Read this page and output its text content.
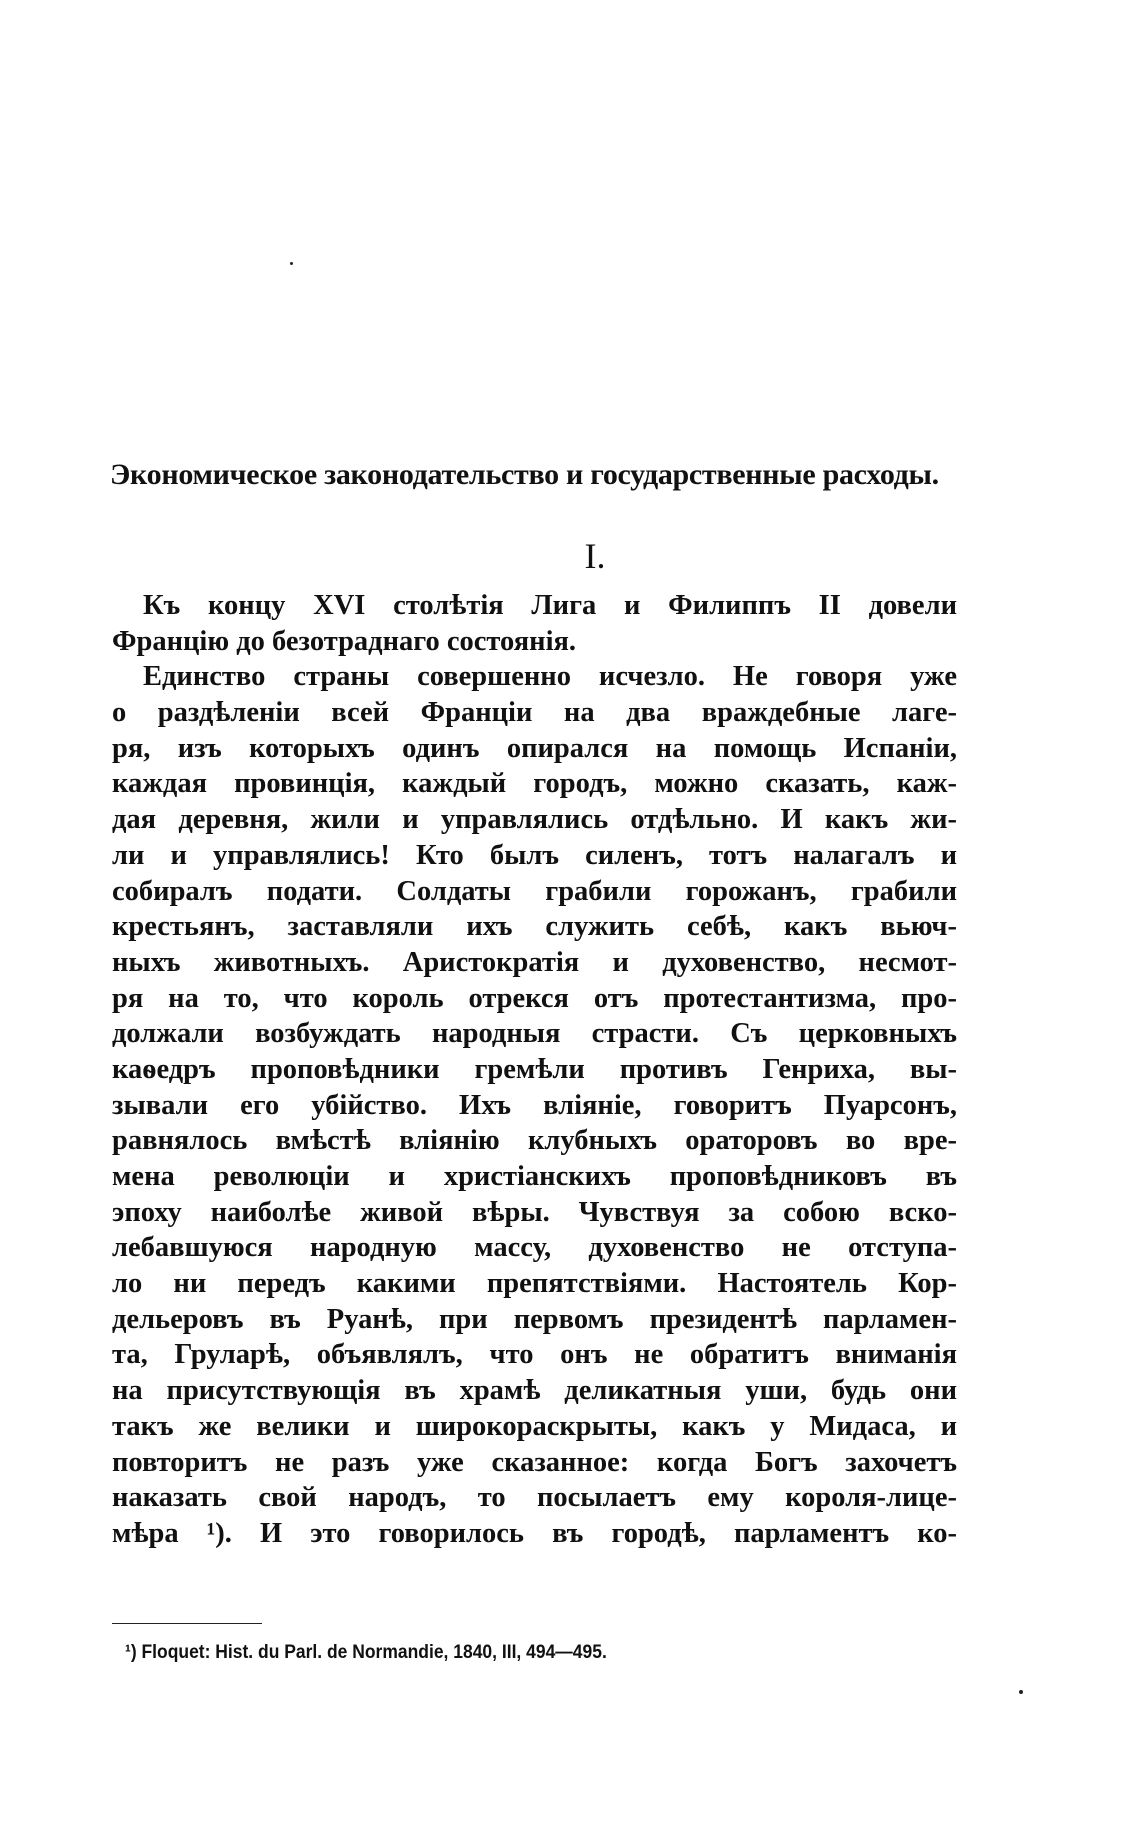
Экономическое законодательство и государственные расходы.
I.
Къ концу XVI столѣтія Лига и Филиппъ II довели
Францію до безотраднаго состоянія.
Единство страны совершенно исчезло. Не говоря уже
о раздѣленіи всей Франціи на два враждебные лаге-
ря, изъ которыхъ одинъ опирался на помощь Испаніи,
каждая провинція, каждый городъ, можно сказать, каж-
дая деревня, жили и управлялись отдѣльно. И какъ жи-
ли и управлялись! Кто былъ силенъ, тотъ налагалъ и
собиралъ подати. Солдаты грабили горожанъ, грабили
крестьянъ, заставляли ихъ служить себѣ, какъ вьюч-
ныхъ животныхъ. Аристократія и духовенство, несмот-
ря на то, что король отрекся отъ протестантизма, про-
должали возбуждать народныя страсти. Съ церковныхъ
каѳедръ проповѣдники гремѣли противъ Генриха, вы-
зывали его убійство. Ихъ вліяніе, говоритъ Пуарсонъ,
равнялось вмѣстѣ вліянію клубныхъ ораторовъ во вре-
мена революціи и христіанскихъ проповѣдниковъ въ
эпоху наиболѣе живой вѣры. Чувствуя за собою вско-
лебавшуюся народную массу, духовенство не отступа-
ло ни передъ какими препятствіями. Настоятель Кор-
дельеровъ въ Руанѣ, при первомъ президентѣ парламен-
та, Груларѣ, объявлялъ, что онъ не обратитъ вниманія
на присутствующія въ храмѣ деликатныя уши, будь они
такъ же велики и широкораскрыты, какъ у Мидаса, и
повторитъ не разъ уже сказанное: когда Богъ захочетъ
наказать свой народъ, то посылаетъ ему короля-лице-
мѣра ¹). И это говорилось въ городѣ, парламентъ ко-
¹) Floquet: Hist. du Parl. de Normandie, 1840, III, 494—495.
